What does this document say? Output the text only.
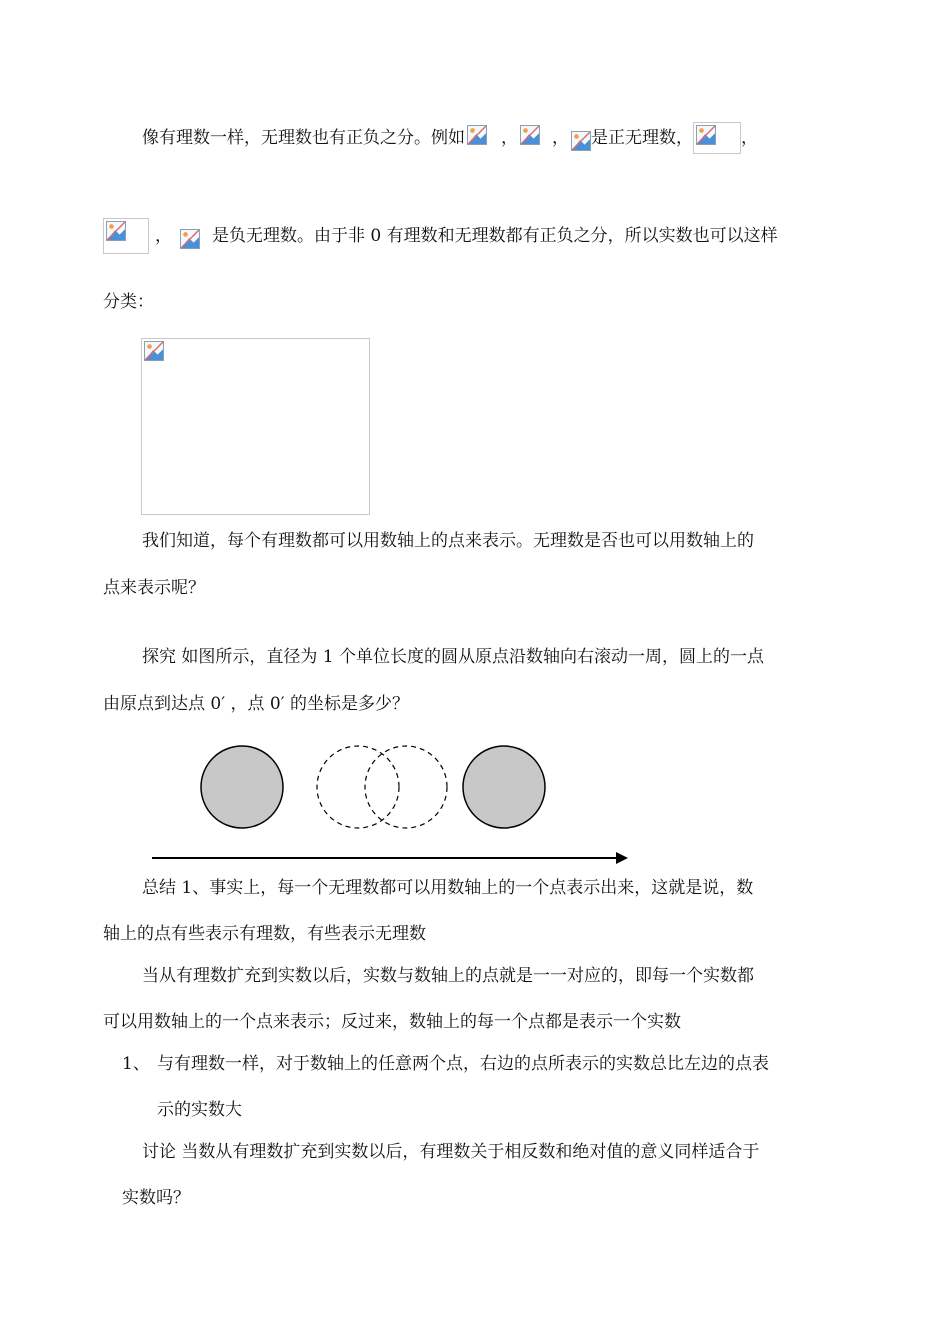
像有理数一样，无理数也有正负之分。例如 ， ， 是正无理数，	，
， 是负无理数。由于非 0 有理数和无理数都有正负之分，所以实数也可以这样
分类：
我们知道，每个有理数都可以用数轴上的点来表示。无理数是否也可以用数轴上的
点来表示呢？
探究 如图所示，直径为 1 个单位长度的圆从原点沿数轴向右滚动一周，圆上的一点
由原点到达点 0′ ，点 0′ 的坐标是多少？
总结 1、事实上，每一个无理数都可以用数轴上的一个点表示出来，这就是说，数
轴上的点有些表示有理数，有些表示无理数
当从有理数扩充到实数以后，实数与数轴上的点就是一一对应的，即每一个实数都
可以用数轴上的一个点来表示；反过来，数轴上的每一个点都是表示一个实数
1、 与有理数一样，对于数轴上的任意两个点，右边的点所表示的实数总比左边的点表
示的实数大
讨论 当数从有理数扩充到实数以后，有理数关于相反数和绝对值的意义同样适合于
实数吗？
